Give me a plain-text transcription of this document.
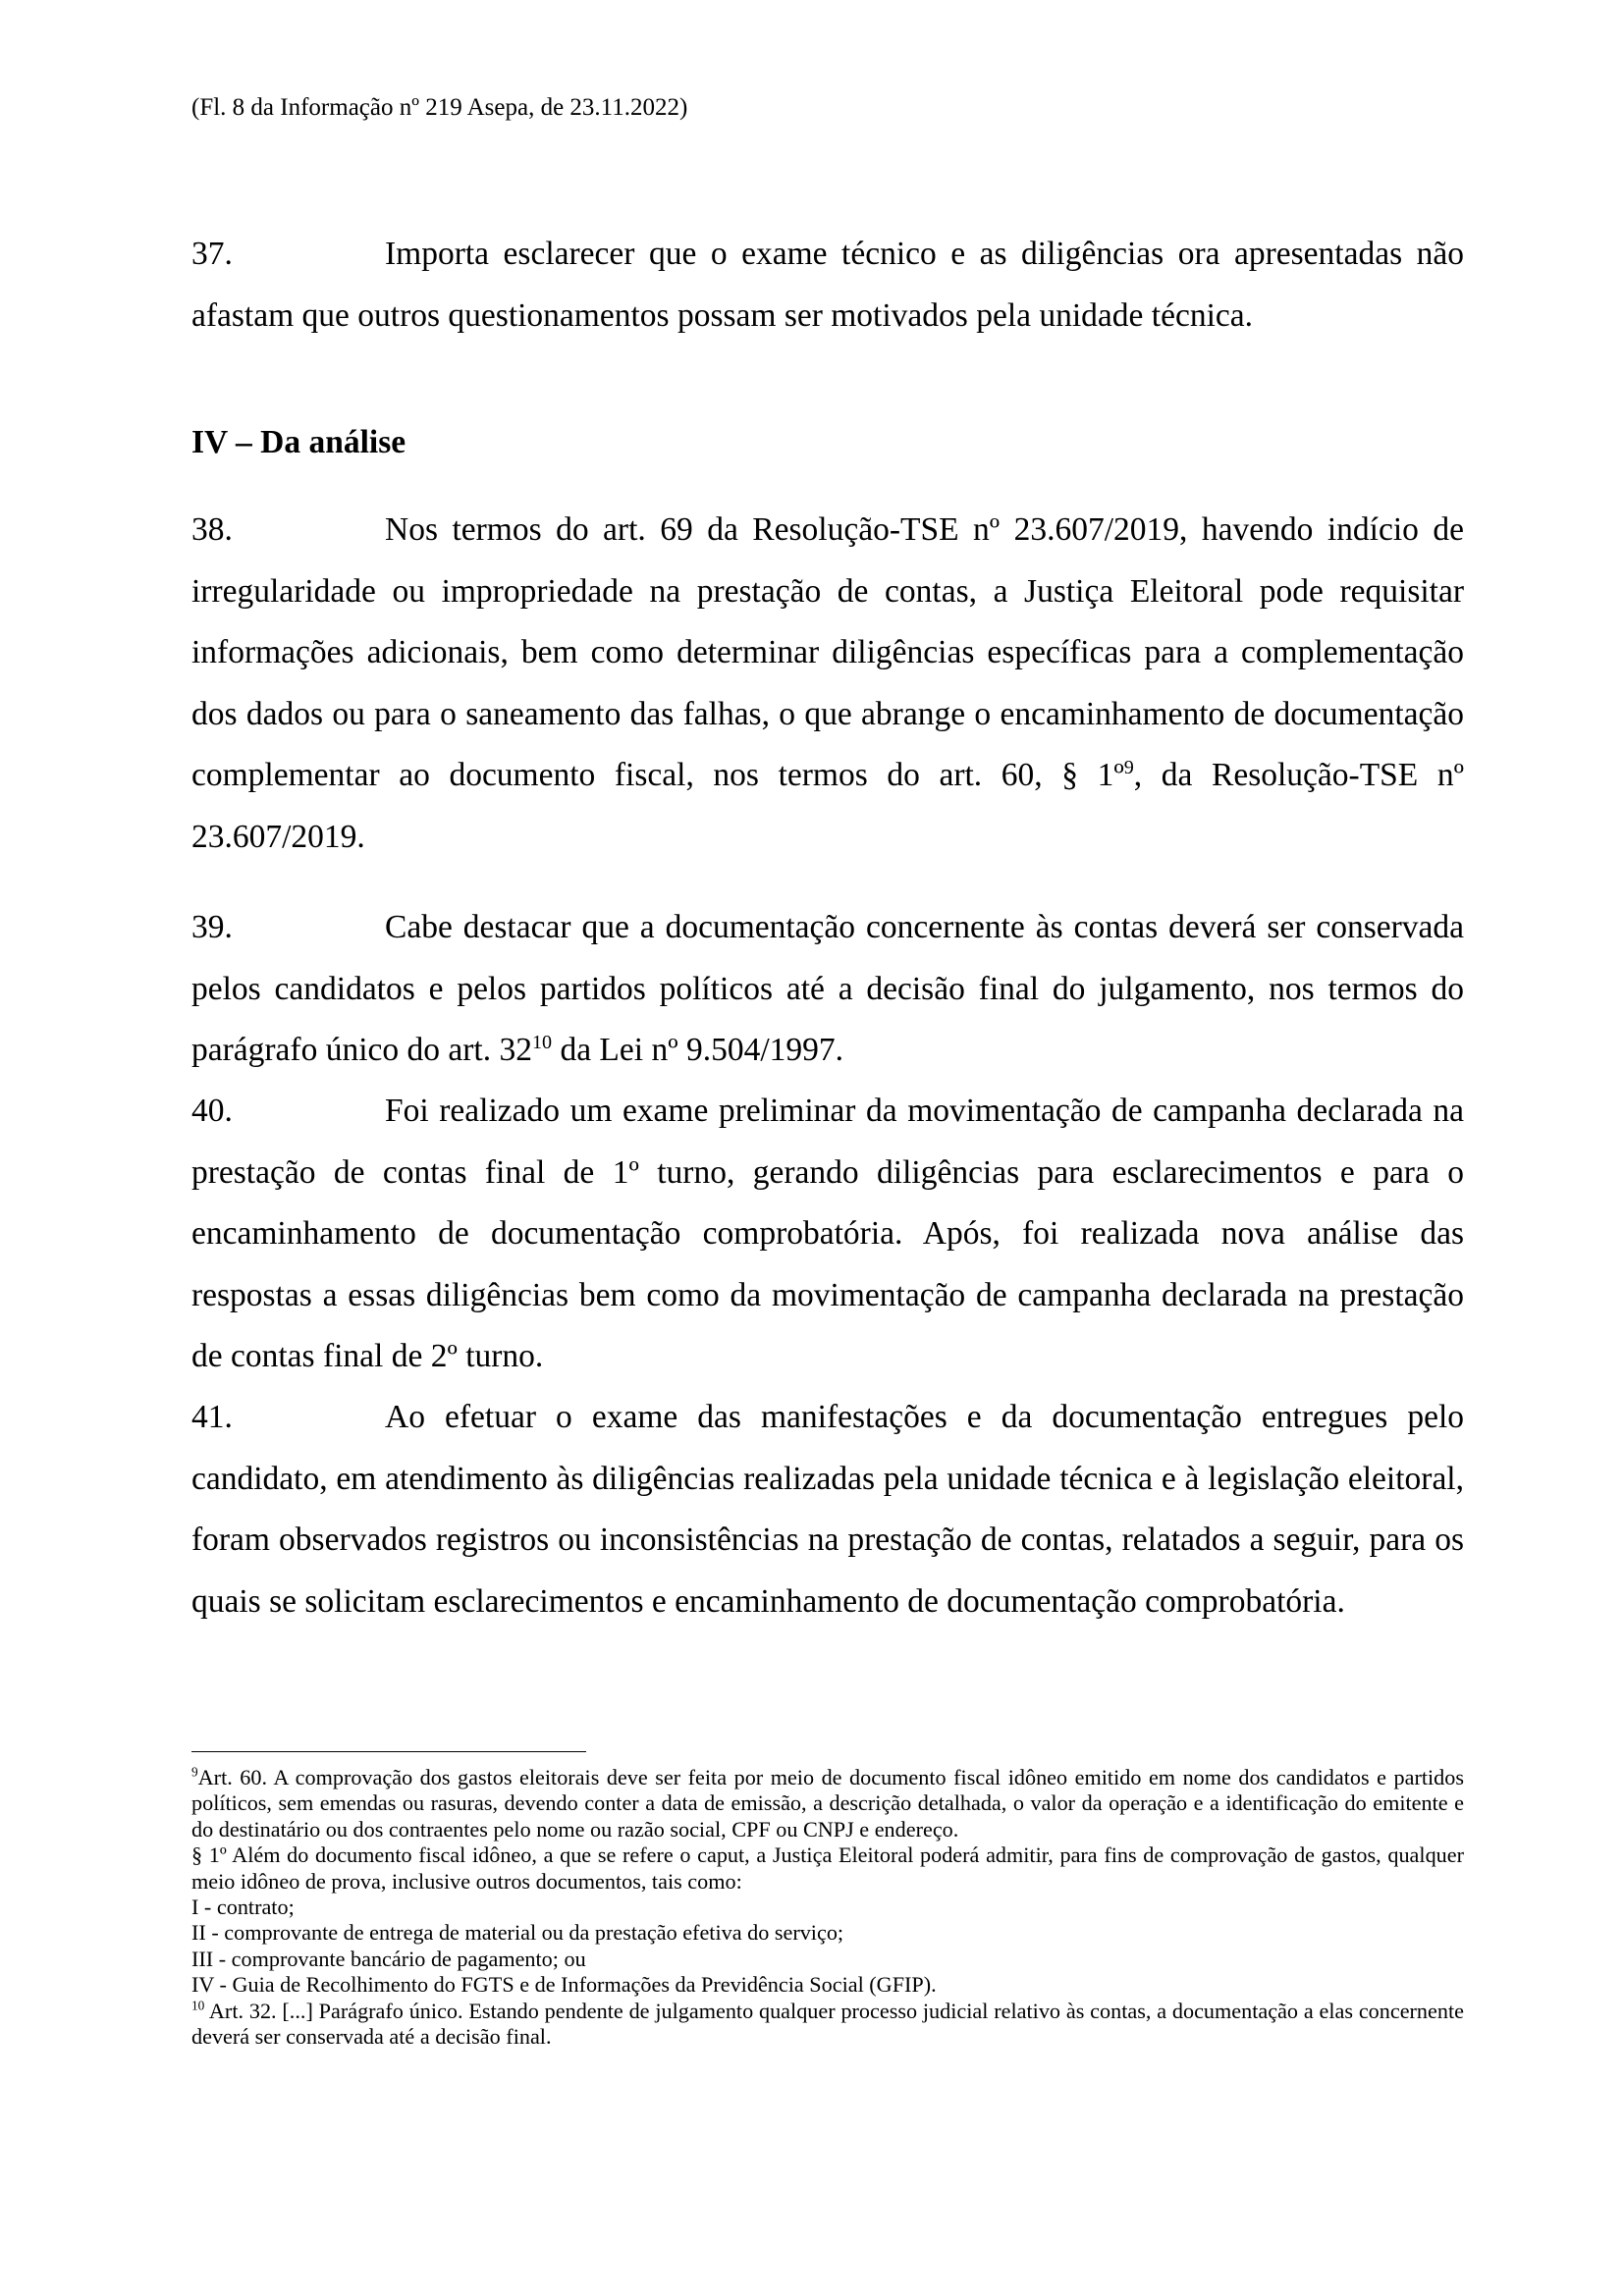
(Fl. 8 da Informação nº 219 Asepa, de 23.11.2022)
37.	Importa esclarecer que o exame técnico e as diligências ora apresentadas não afastam que outros questionamentos possam ser motivados pela unidade técnica.
IV – Da análise
38.	Nos termos do art. 69 da Resolução-TSE nº 23.607/2019, havendo indício de irregularidade ou impropriedade na prestação de contas, a Justiça Eleitoral pode requisitar informações adicionais, bem como determinar diligências específicas para a complementação dos dados ou para o saneamento das falhas, o que abrange o encaminhamento de documentação complementar ao documento fiscal, nos termos do art. 60, § 1º$^9$, da Resolução-TSE nº 23.607/2019.
39.	Cabe destacar que a documentação concernente às contas deverá ser conservada pelos candidatos e pelos partidos políticos até a decisão final do julgamento, nos termos do parágrafo único do art. $32^{10}$ da Lei nº 9.504/1997.
40.	Foi realizado um exame preliminar da movimentação de campanha declarada na prestação de contas final de 1º turno, gerando diligências para esclarecimentos e para o encaminhamento de documentação comprobatória. Após, foi realizada nova análise das respostas a essas diligências bem como da movimentação de campanha declarada na prestação de contas final de 2º turno.
41.	Ao efetuar o exame das manifestações e da documentação entregues pelo candidato, em atendimento às diligências realizadas pela unidade técnica e à legislação eleitoral, foram observados registros ou inconsistências na prestação de contas, relatados a seguir, para os quais se solicitam esclarecimentos e encaminhamento de documentação comprobatória.

$^9$Art. 60. A comprovação dos gastos eleitorais deve ser feita por meio de documento fiscal idôneo emitido em nome dos candidatos e partidos políticos, sem emendas ou rasuras, devendo conter a data de emissão, a descrição detalhada, o valor da operação e a identificação do emitente e do destinatário ou dos contraentes pelo nome ou razão social, CPF ou CNPJ e endereço.

§ 1º Além do documento fiscal idôneo, a que se refere o caput, a Justiça Eleitoral poderá admitir, para fins de comprovação de gastos, qualquer meio idôneo de prova, inclusive outros documentos, tais como:

I - contrato;

II - comprovante de entrega de material ou da prestação efetiva do serviço;

III - comprovante bancário de pagamento; ou

IV - Guia de Recolhimento do FGTS e de Informações da Previdência Social (GFIP).

$^{10}$ Art. 32. [...] Parágrafo único. Estando pendente de julgamento qualquer processo judicial relativo às contas, a documentação a elas concernente deverá ser conservada até a decisão final.
